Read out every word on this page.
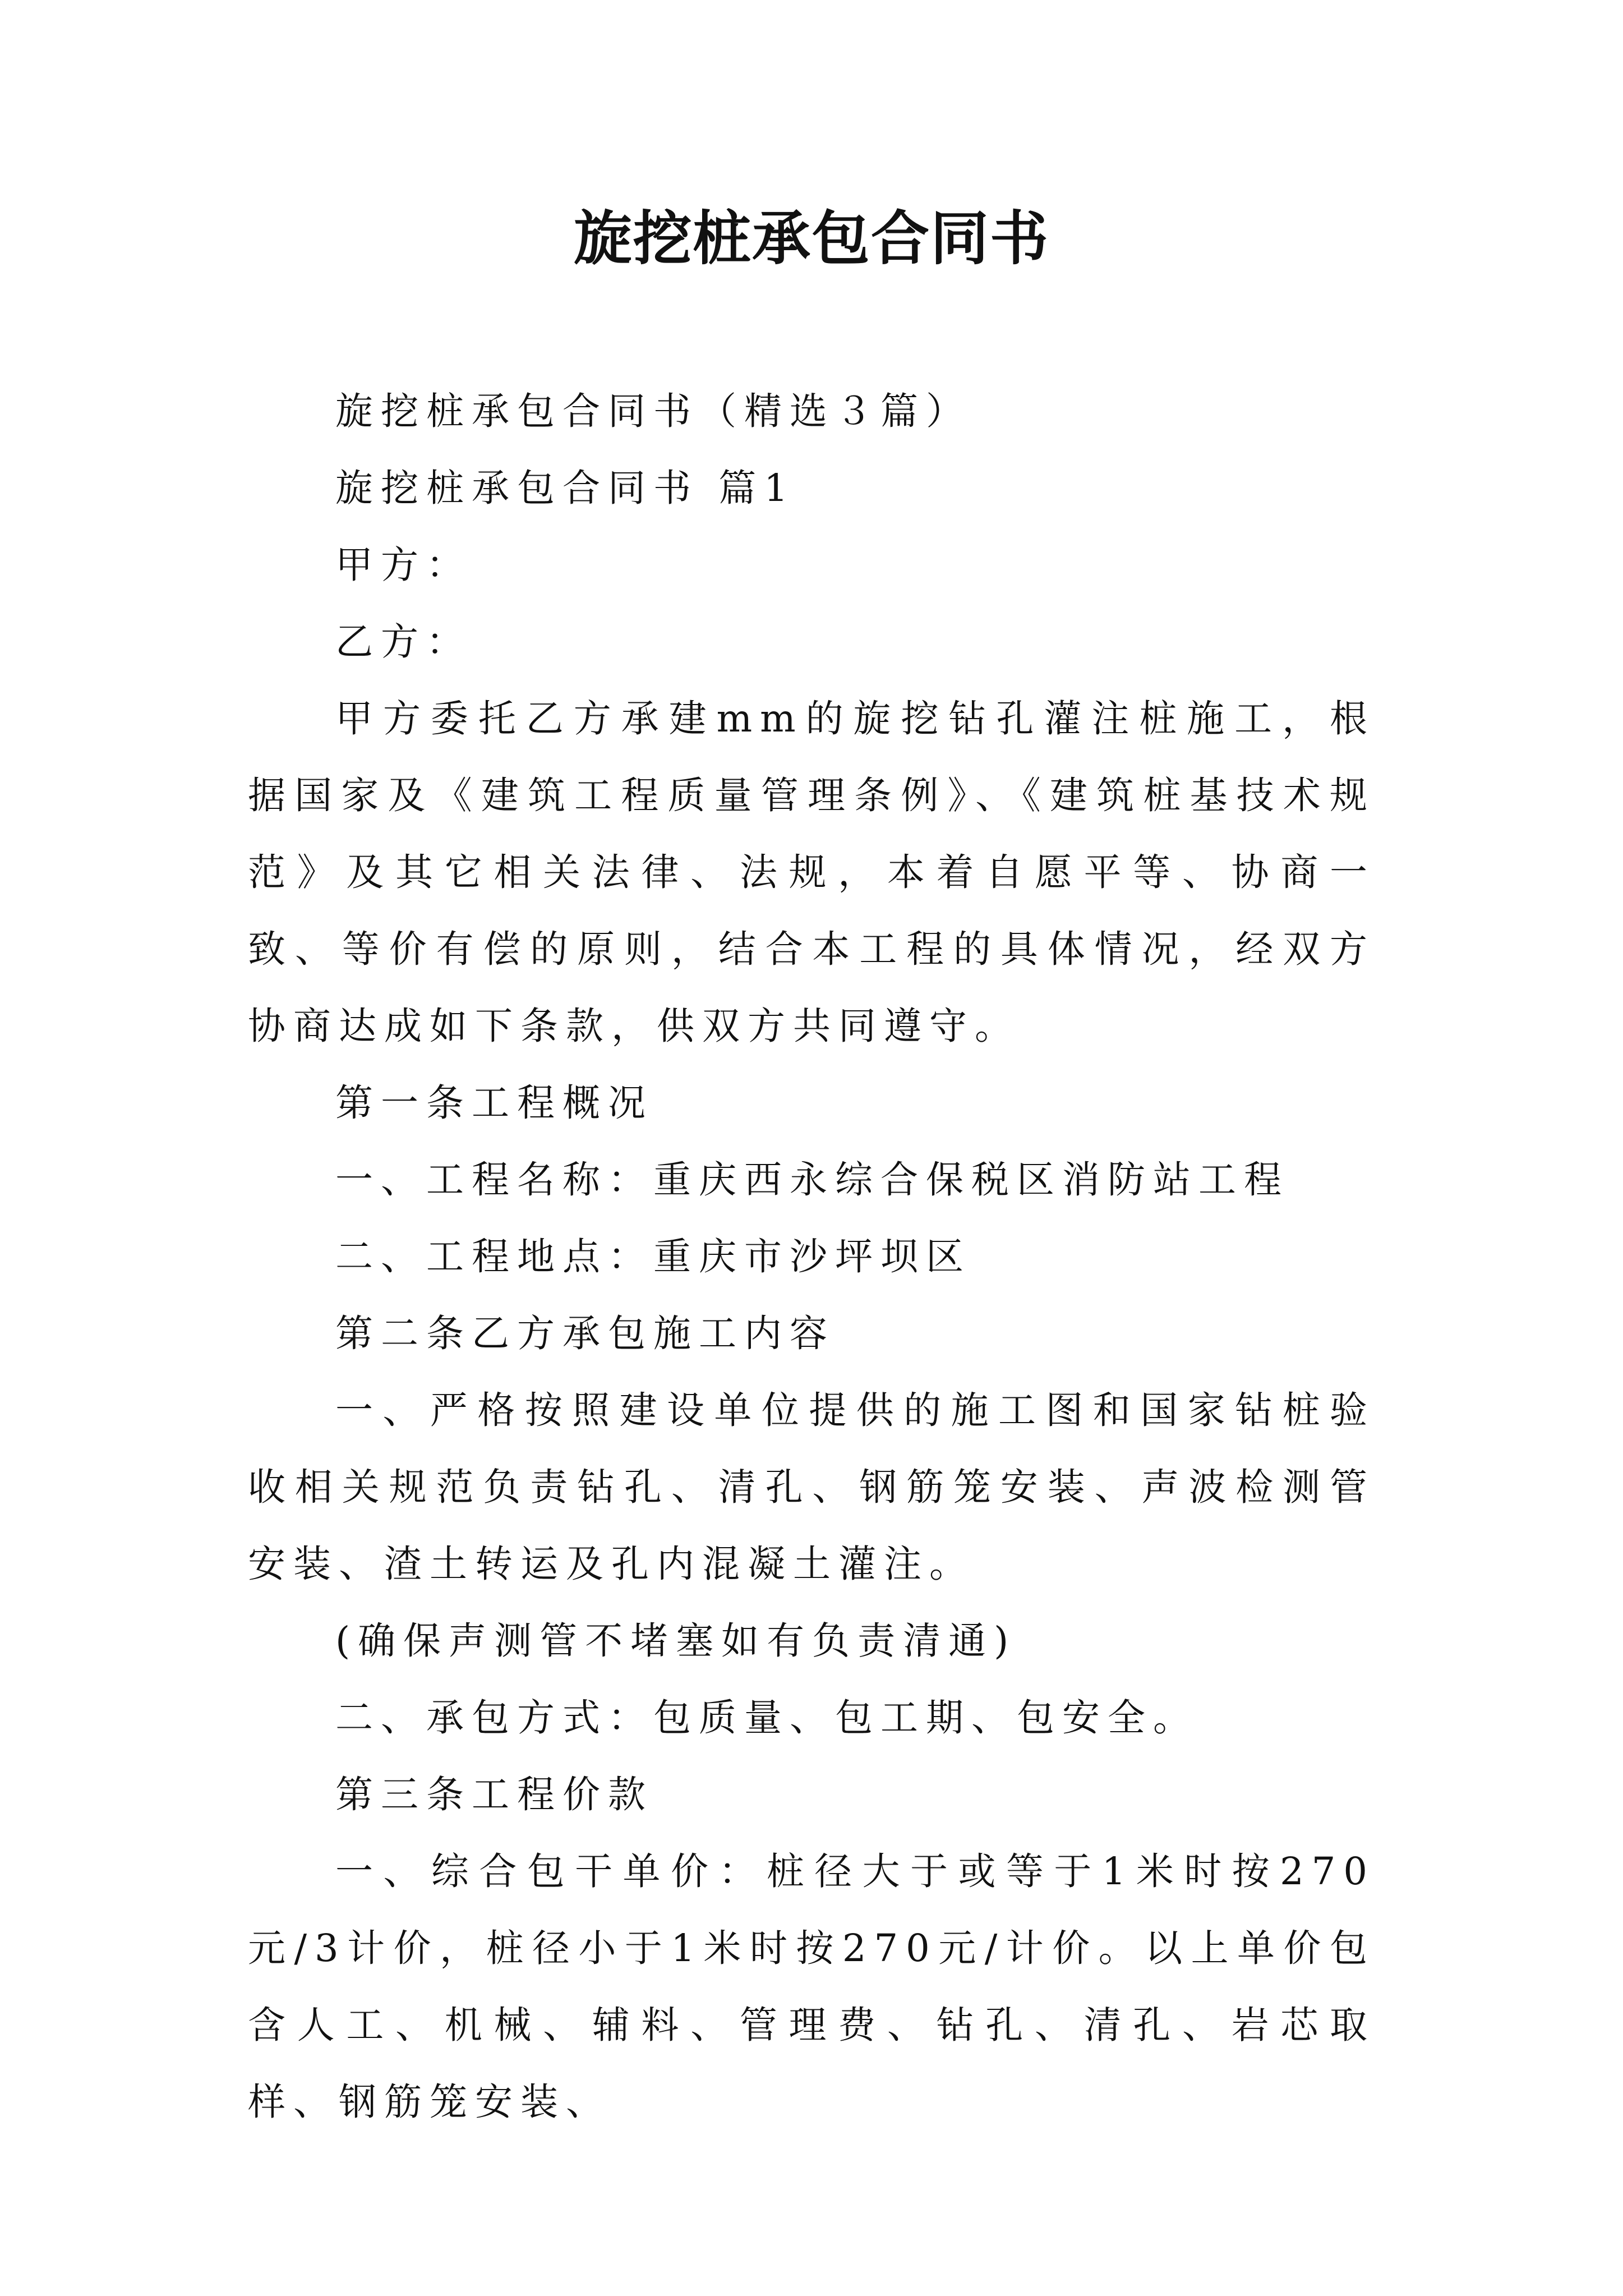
旋挖桩承包合同书

旋挖桩承包合同书（精选３篇）

旋挖桩承包合同书 篇1

甲方：

乙方：

甲方委托乙方承建mm的旋挖钻孔灌注桩施工，根据国家及《建筑工程质量管理条例》、《建筑桩基技术规范》及其它相关法律、法规，本着自愿平等、协商一致、等价有偿的原则，结合本工程的具体情况，经双方协商达成如下条款，供双方共同遵守。

第一条工程概况

一、工程名称：重庆西永综合保税区消防站工程

二、工程地点：重庆市沙坪坝区

第二条乙方承包施工内容

一、严格按照建设单位提供的施工图和国家钻桩验收相关规范负责钻孔、清孔、钢筋笼安装、声波检测管安装、渣土转运及孔内混凝土灌注。

(确保声测管不堵塞如有负责清通)

二、承包方式：包质量、包工期、包安全。

第三条工程价款

一、综合包干单价：桩径大于或等于1米时按270元/3计价，桩径小于1米时按270元/计价。以上单价包含人工、机械、辅料、管理费、钻孔、清孔、岩芯取样、钢筋笼安装、
